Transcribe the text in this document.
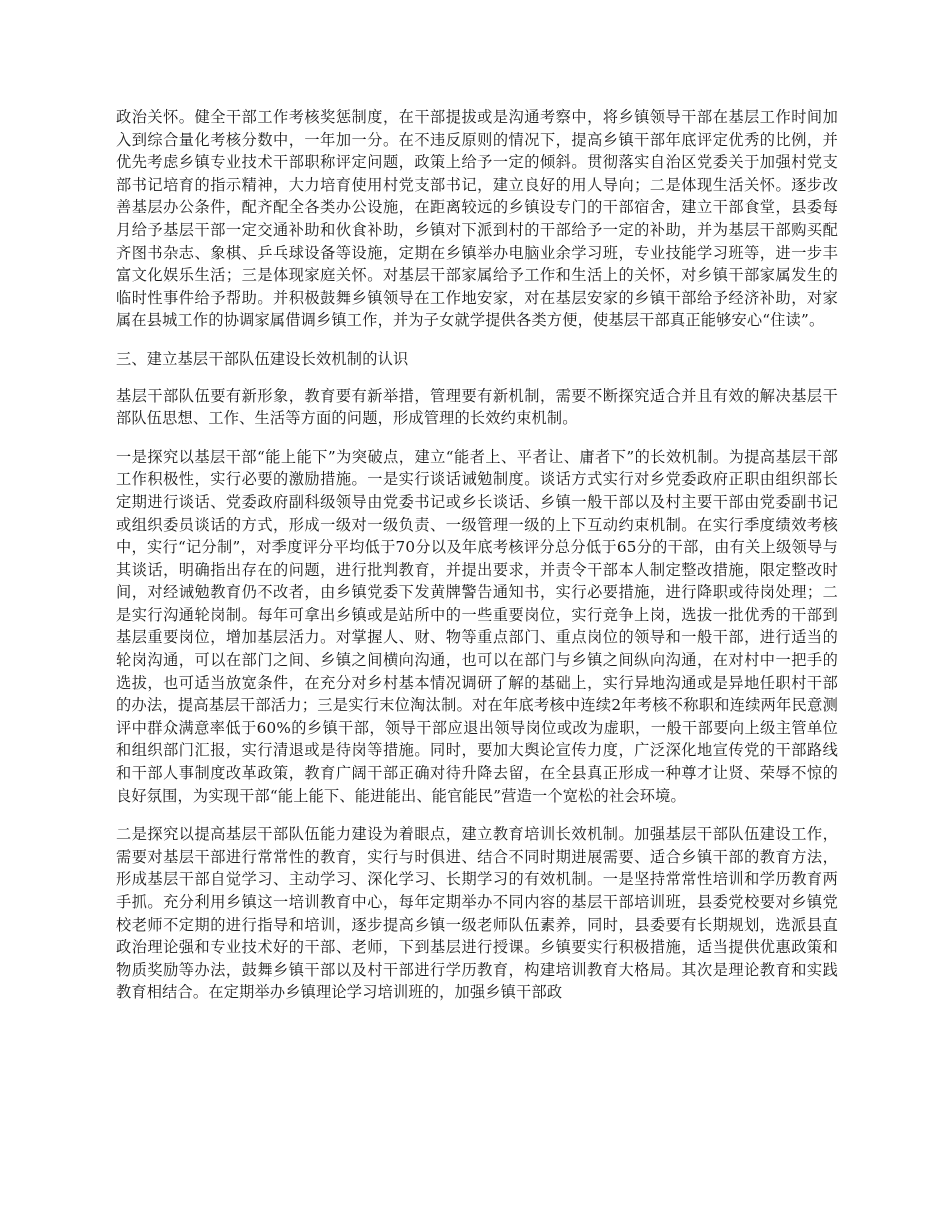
政治关怀。健全干部工作考核奖惩制度，在干部提拔或是沟通考察中，将乡镇领导干部在基层工作时间加入到综合量化考核分数中，一年加一分。在不违反原则的情况下，提高乡镇干部年底评定优秀的比例，并优先考虑乡镇专业技术干部职称评定问题，政策上给予一定的倾斜。贯彻落实自治区党委关于加强村党支部书记培育的指示精神，大力培育使用村党支部书记，建立良好的用人导向；二是体现生活关怀。逐步改善基层办公条件，配齐配全各类办公设施，在距离较远的乡镇设专门的干部宿舍，建立干部食堂，县委每月给予基层干部一定交通补助和伙食补助，乡镇对下派到村的干部给予一定的补助，并为基层干部购买配齐图书杂志、象棋、乒乓球设备等设施，定期在乡镇举办电脑业余学习班，专业技能学习班等，进一步丰富文化娱乐生活；三是体现家庭关怀。对基层干部家属给予工作和生活上的关怀，对乡镇干部家属发生的临时性事件给予帮助。并积极鼓舞乡镇领导在工作地安家，对在基层安家的乡镇干部给予经济补助，对家属在县城工作的协调家属借调乡镇工作，并为子女就学提供各类方便，使基层干部真正能够安心“住读”。

三、建立基层干部队伍建设长效机制的认识

基层干部队伍要有新形象，教育要有新举措，管理要有新机制，需要不断探究适合并且有效的解决基层干部队伍思想、工作、生活等方面的问题，形成管理的长效约束机制。

一是探究以基层干部“能上能下”为突破点，建立“能者上、平者让、庸者下”的长效机制。为提高基层干部工作积极性，实行必要的激励措施。一是实行谈话诫勉制度。谈话方式实行对乡党委政府正职由组织部长定期进行谈话、党委政府副科级领导由党委书记或乡长谈话、乡镇一般干部以及村主要干部由党委副书记或组织委员谈话的方式，形成一级对一级负责、一级管理一级的上下互动约束机制。在实行季度绩效考核中，实行“记分制”，对季度评分平均低于70分以及年底考核评分总分低于65分的干部，由有关上级领导与其谈话，明确指出存在的问题，进行批判教育，并提出要求，并责令干部本人制定整改措施，限定整改时间，对经诫勉教育仍不改者，由乡镇党委下发黄牌警告通知书，实行必要措施，进行降职或待岗处理；二是实行沟通轮岗制。每年可拿出乡镇或是站所中的一些重要岗位，实行竞争上岗，选拔一批优秀的干部到基层重要岗位，增加基层活力。对掌握人、财、物等重点部门、重点岗位的领导和一般干部，进行适当的轮岗沟通，可以在部门之间、乡镇之间横向沟通，也可以在部门与乡镇之间纵向沟通，在对村中一把手的选拔，也可适当放宽条件，在充分对乡村基本情况调研了解的基础上，实行异地沟通或是异地任职村干部的办法，提高基层干部活力；三是实行末位淘汰制。对在年底考核中连续2年考核不称职和连续两年民意测评中群众满意率低于60%的乡镇干部，领导干部应退出领导岗位或改为虚职，一般干部要向上级主管单位和组织部门汇报，实行清退或是待岗等措施。同时，要加大舆论宣传力度，广泛深化地宣传党的干部路线和干部人事制度改革政策，教育广阔干部正确对待升降去留，在全县真正形成一种尊才让贤、荣辱不惊的良好氛围，为实现干部“能上能下、能进能出、能官能民”营造一个宽松的社会环境。

二是探究以提高基层干部队伍能力建设为着眼点，建立教育培训长效机制。加强基层干部队伍建设工作，需要对基层干部进行常常性的教育，实行与时俱进、结合不同时期进展需要、适合乡镇干部的教育方法，形成基层干部自觉学习、主动学习、深化学习、长期学习的有效机制。一是坚持常常性培训和学历教育两手抓。充分利用乡镇这一培训教育中心，每年定期举办不同内容的基层干部培训班，县委党校要对乡镇党校老师不定期的进行指导和培训，逐步提高乡镇一级老师队伍素养，同时，县委要有长期规划，选派县直政治理论强和专业技术好的干部、老师，下到基层进行授课。乡镇要实行积极措施，适当提供优惠政策和物质奖励等办法，鼓舞乡镇干部以及村干部进行学历教育，构建培训教育大格局。其次是理论教育和实践教育相结合。在定期举办乡镇理论学习培训班的，加强乡镇干部政
